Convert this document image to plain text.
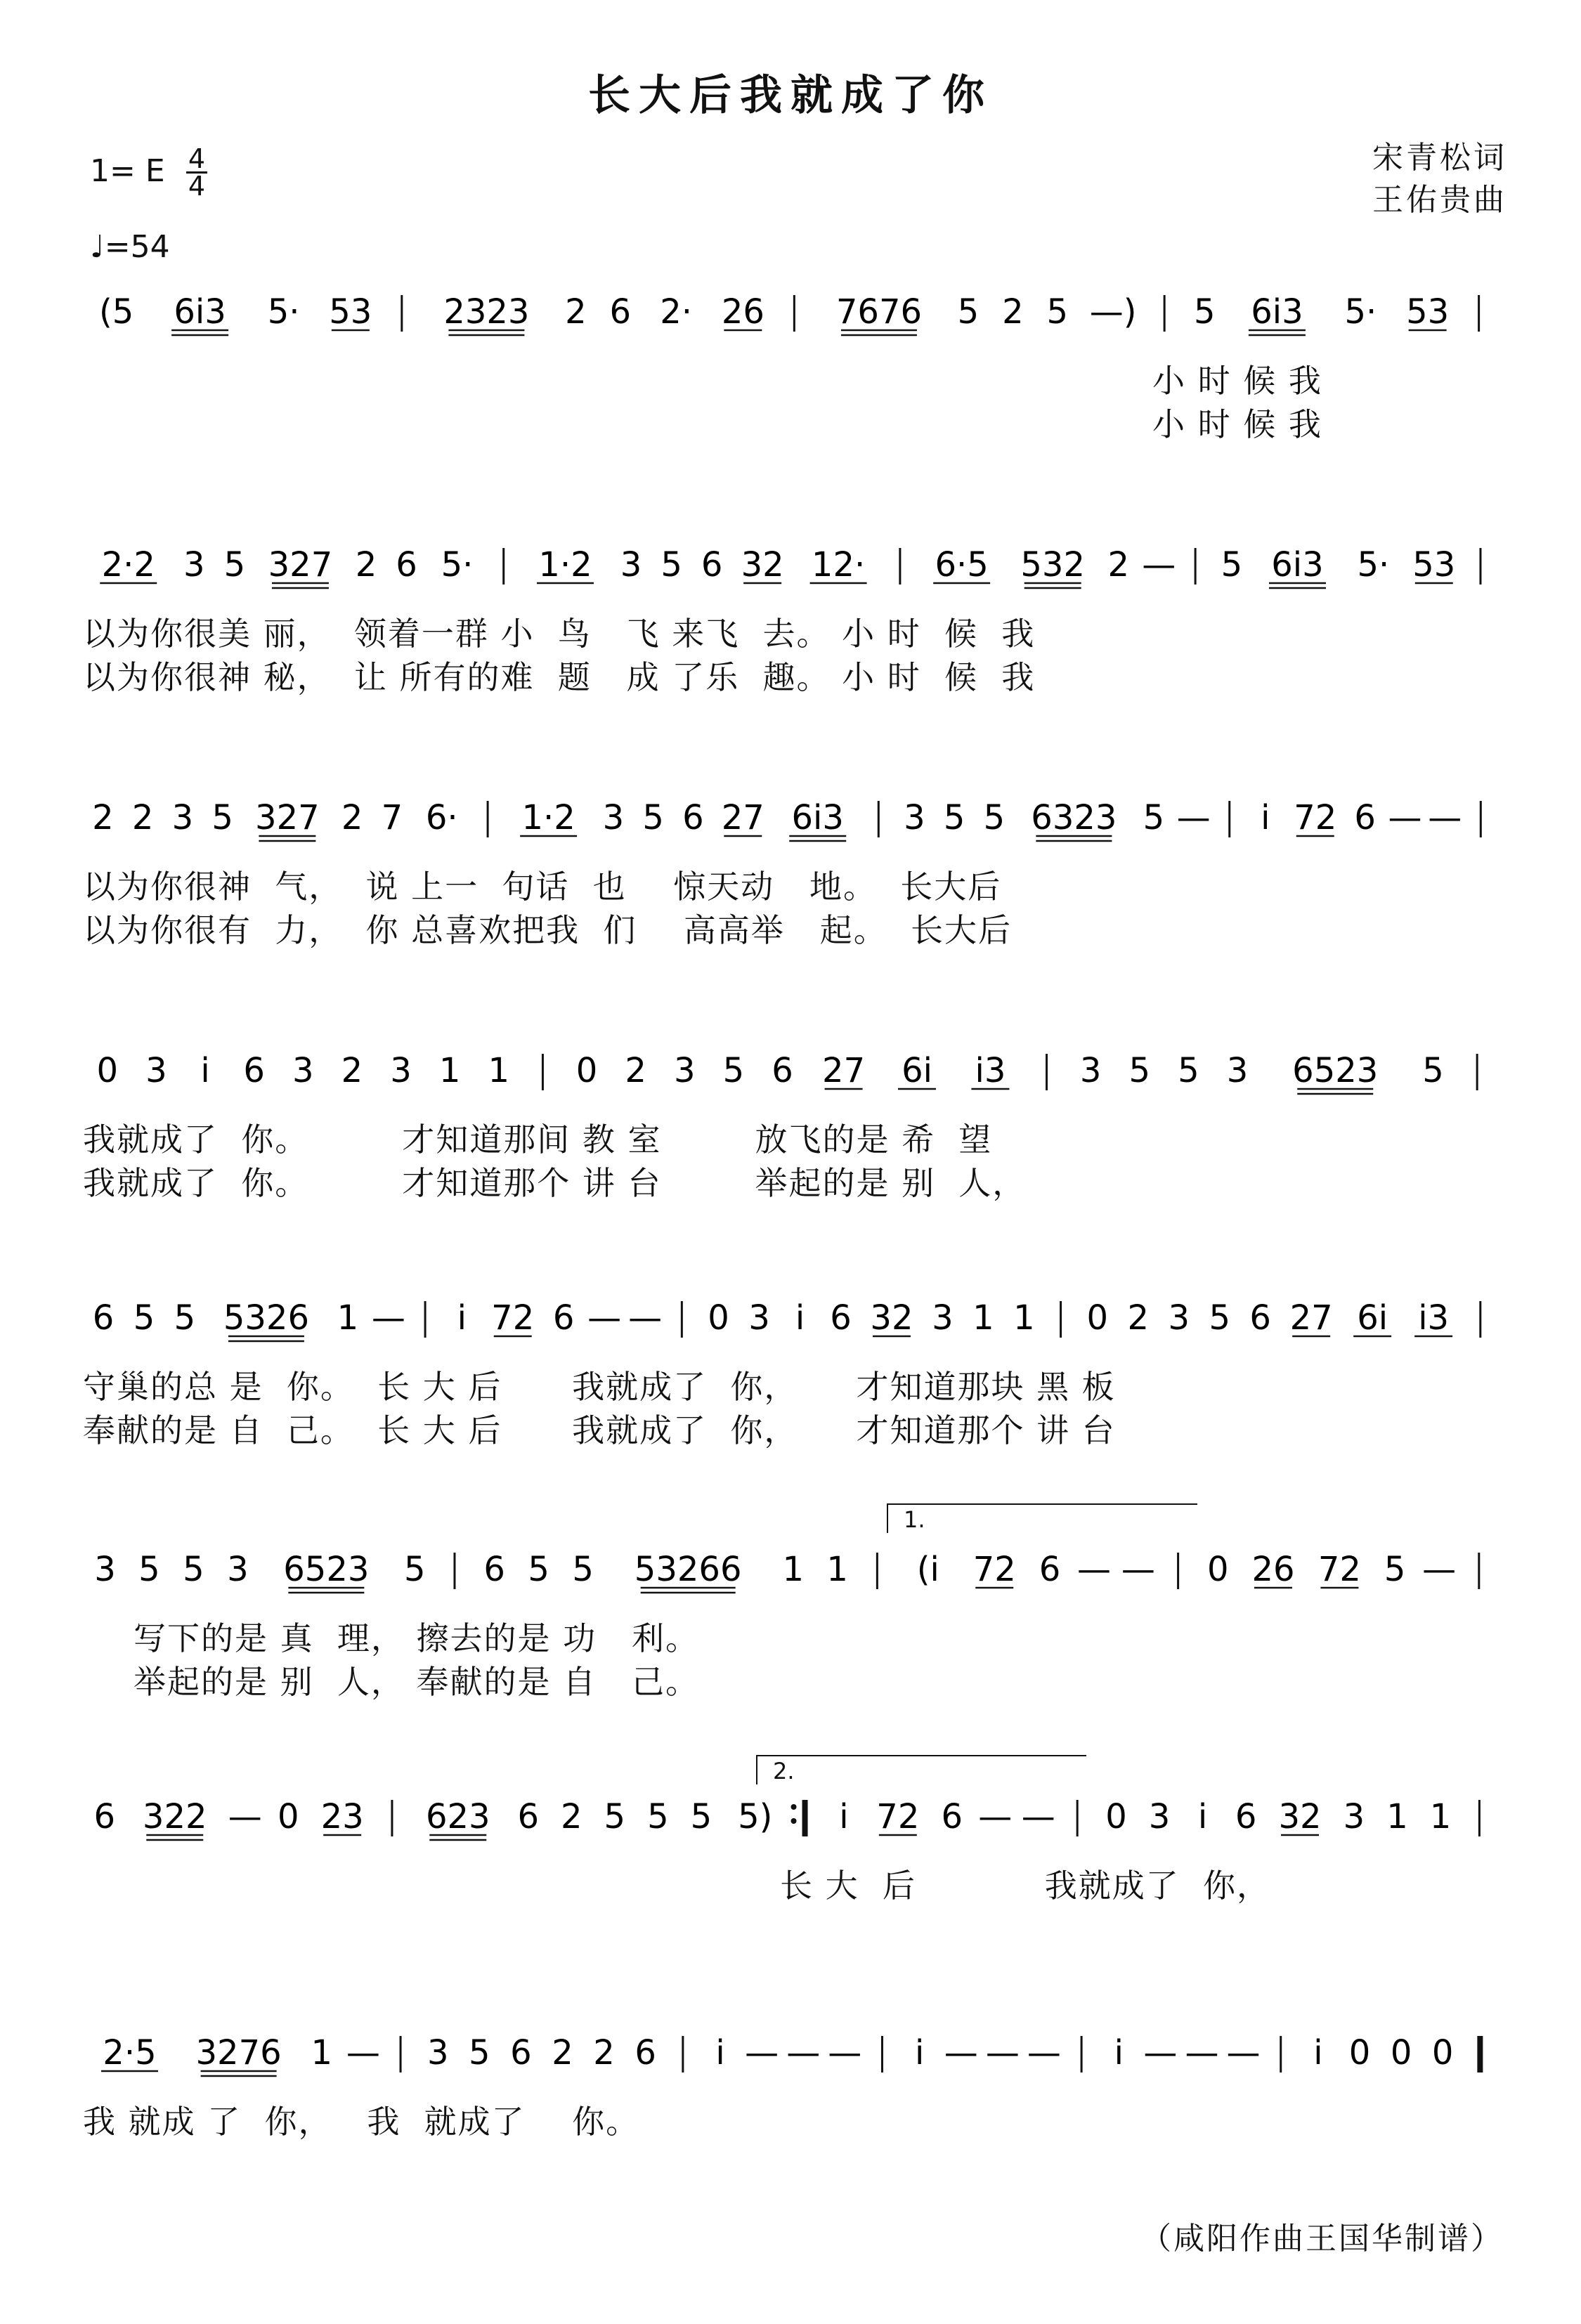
长大后我就成了你
宋青松词
王佑贵曲
1= E 4
4
♩=54
(5 6i3 5· 53 2323 2 6 2· 26 7676 5 2 5 —) 5 6i3 5· 53
小 时 候 我
小 时 候 我
2·2 3 5 327 2 6 5· 1·2 3 5 6 32 12· 6·5 532 2 — 5 6i3 5· 53
以为你很美 丽，  领着一群 小  鸟   飞 来飞  去。 小 时  候  我
以为你很神 秘，  让 所有的难  题   成 了乐  趣。 小 时  候  我
2 2 3 5 327 2 7 6· 1·2 3 5 6 27 6i3 3 5 5 6323 5 — i 72 6 — —
以为你很神  气，  说 上一  句话  也    惊天动   地。  长大后
以为你很有  力，  你 总喜欢把我  们    高高举   起。  长大后
0 3 i 6 3 2 3 1 1 0 2 3 5 6 27 6i i3 3 5 5 3 6523 5
我就成了  你。        才知道那间 教 室        放飞的是 希  望
我就成了  你。        才知道那个 讲 台        举起的是 别  人，
6 5 5 5326 1 — i 72 6 — — 0 3 i 6 32 3 1 1 0 2 3 5 6 27 6i i3
守巢的总 是  你。  长 大 后      我就成了  你，     才知道那块 黑 板
奉献的是 自  己。  长 大 后      我就成了  你，     才知道那个 讲 台
3 5 5 3 6523 5 6 5 5 53266 1 1 (i 72 6 — — 0 26 72 5 —
写下的是 真  理， 擦去的是 功   利。
举起的是 别  人， 奉献的是 自   己。
6 322 — 0 23 623 6 2 5 5 5 5) i 72 6 — — 0 3 i 6 32 3 1 1
长 大  后           我就成了  你，
2·5 3276 1 — 3 5 6 2 2 6 i — — — i — — — i — — — i 0 0 0
我 就成 了  你，   我  就成了    你。
1.
2.
（咸阳作曲王国华制谱）
